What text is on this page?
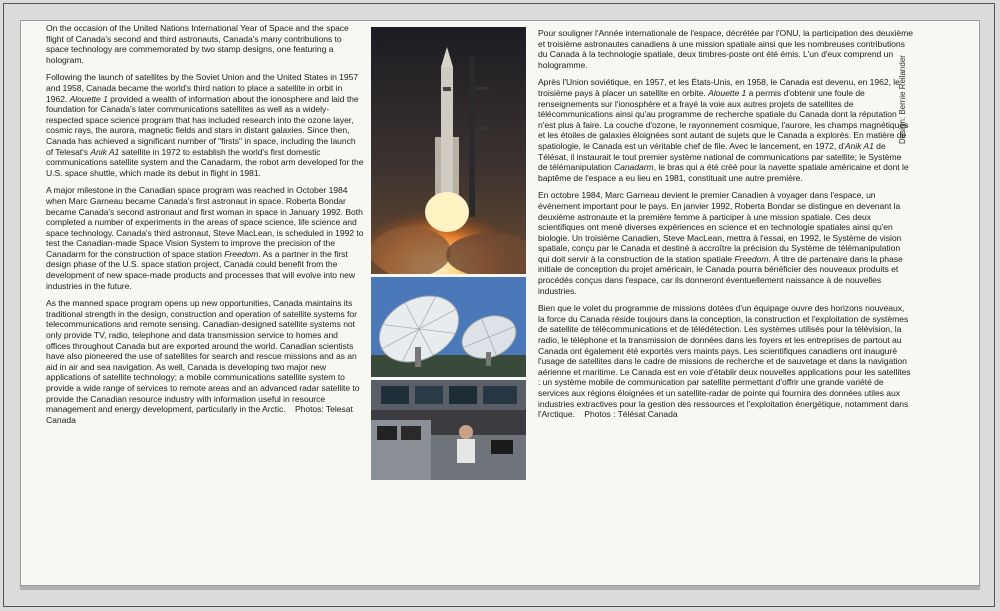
On the occasion of the United Nations International Year of Space and the space flight of Canada's second and third astronauts, Canada's many contributions to space technology are commemorated by two stamp designs, one featuring a hologram.

Following the launch of satellites by the Soviet Union and the United States in 1957 and 1958, Canada became the world's third nation to place a satellite in orbit in 1962. Alouette 1 provided a wealth of information about the ionosphere and laid the foundation for Canada's later communications satellites as well as a widely-respected space science program that has included research into the ozone layer, cosmic rays, the aurora, magnetic fields and stars in distant galaxies. Since then, Canada has achieved a significant number of "firsts" in space, including the launch of Telesat's Anik A1 satellite in 1972 to establish the world's first domestic communications satellite system and the Canadarm, the robot arm developed for the U.S. space shuttle, which made its debut in flight in 1981.

A major milestone in the Canadian space program was reached in October 1984 when Marc Garneau became Canada's first astronaut in space. Roberta Bondar became Canada's second astronaut and first woman in space in January 1992. Both completed a number of experiments in the areas of space science, life science and space technology. Canada's third astronaut, Steve MacLean, is scheduled in 1992 to test the Canadian-made Space Vision System to improve the precision of the Canadarm for the construction of space station Freedom. As a partner in the first design phase of the U.S. space station project, Canada could benefit from the development of new space-made products and processes that will evolve into new industries in the future.

As the manned space program opens up new opportunities, Canada maintains its traditional strength in the design, construction and operation of satellite systems for telecommunications and remote sensing. Canadian-designed satellite systems not only provide TV, radio, telephone and data transmission service to homes and offices throughout Canada but are exported around the world. Canadian scientists have also pioneered the use of satellites for search and rescue missions and as an aid in air and sea navigation. As well, Canada is developing two major new applications of satellite technology; a mobile communications satellite system to provide a wide range of services to remote areas and an advanced radar satellite to provide the Canadian resource industry with information useful in resource management and energy development, particularly in the Arctic. Photos: Telesat Canada

Pour souligner l'Année internationale de l'espace, décrétée par l'ONU, la participation des deuxième et troisième astronautes canadiens à une mission spatiale ainsi que les nombreuses contributions du Canada à la technologie spatiale, deux timbres-poste ont été émis. L'un d'eux comprend un hologramme.

Après l'Union soviétique, en 1957, et les États-Unis, en 1958, le Canada est devenu, en 1962, le troisième pays à placer un satellite en orbite. Alouette 1 a permis d'obtenir une foule de renseignements sur l'ionosphère et a frayé la voie aux autres projets de satellites de télécommunications ainsi qu'au programme de recherche spatiale du Canada dont la réputation n'est plus à faire. La couche d'ozone, le rayonnement cosmique, l'aurore, les champs magnétiques et les étoiles de galaxies éloignées sont autant de sujets que le Canada a explorés. En matière de spatiologie, le Canada est un véritable chef de file. Avec le lancement, en 1972, d'Anik A1 de Télésat, il instaurait le tout premier système national de communications par satellite; le Système de télémanipulation Canadarm, le bras qui a été créé pour la navette spatiale américaine et dont le baptême de l'espace a eu lieu en 1981, constituait une autre première.

En octobre 1984, Marc Garneau devient le premier Canadien à voyager dans l'espace, un événement important pour le pays. En janvier 1992, Roberta Bondar se distingue en devenant la deuxième astronaute et la première femme à participer à une mission spatiale. Ces deux scientifiques ont mené diverses expériences en science et en technologie spatiales ainsi qu'en biologie. Un troisième Canadien, Steve MacLean, mettra à l'essai, en 1992, le Système de vision spatiale, conçu par le Canada et destiné à accroître la précision du Système de télémanipulation qui doit servir à la construction de la station spatiale Freedom. À titre de partenaire dans la phase initiale de conception du projet américain, le Canada pourra bénéficier des nouveaux produits et procédés conçus dans l'espace, car ils donneront éventuellement naissance à de nouvelles industries.

Bien que le volet du programme de missions dotées d'un équipage ouvre des horizons nouveaux, la force du Canada réside toujours dans la conception, la construction et l'exploitation de systèmes de satellite de télécommunications et de télédétection. Les systèmes utilisés pour la télévision, la radio, le téléphone et la transmission de données dans les foyers et les entreprises de partout au Canada ont également été exportés vers maints pays. Les scientifiques canadiens ont inauguré l'usage de satellites dans le cadre de missions de recherche et de sauvetage et dans la navigation aérienne et maritime. Le Canada est en voie d'établir deux nouvelles applications pour les satellites : un système mobile de communication par satellite permettant d'offrir une grande variété de services aux régions éloignées et un satellite-radar de pointe qui fournira des données utiles aux industries extractives pour la gestion des ressources et l'exploitation énergétique, notamment dans l'Arctique. Photos : Télésat Canada

Design: Bernie Reilander
